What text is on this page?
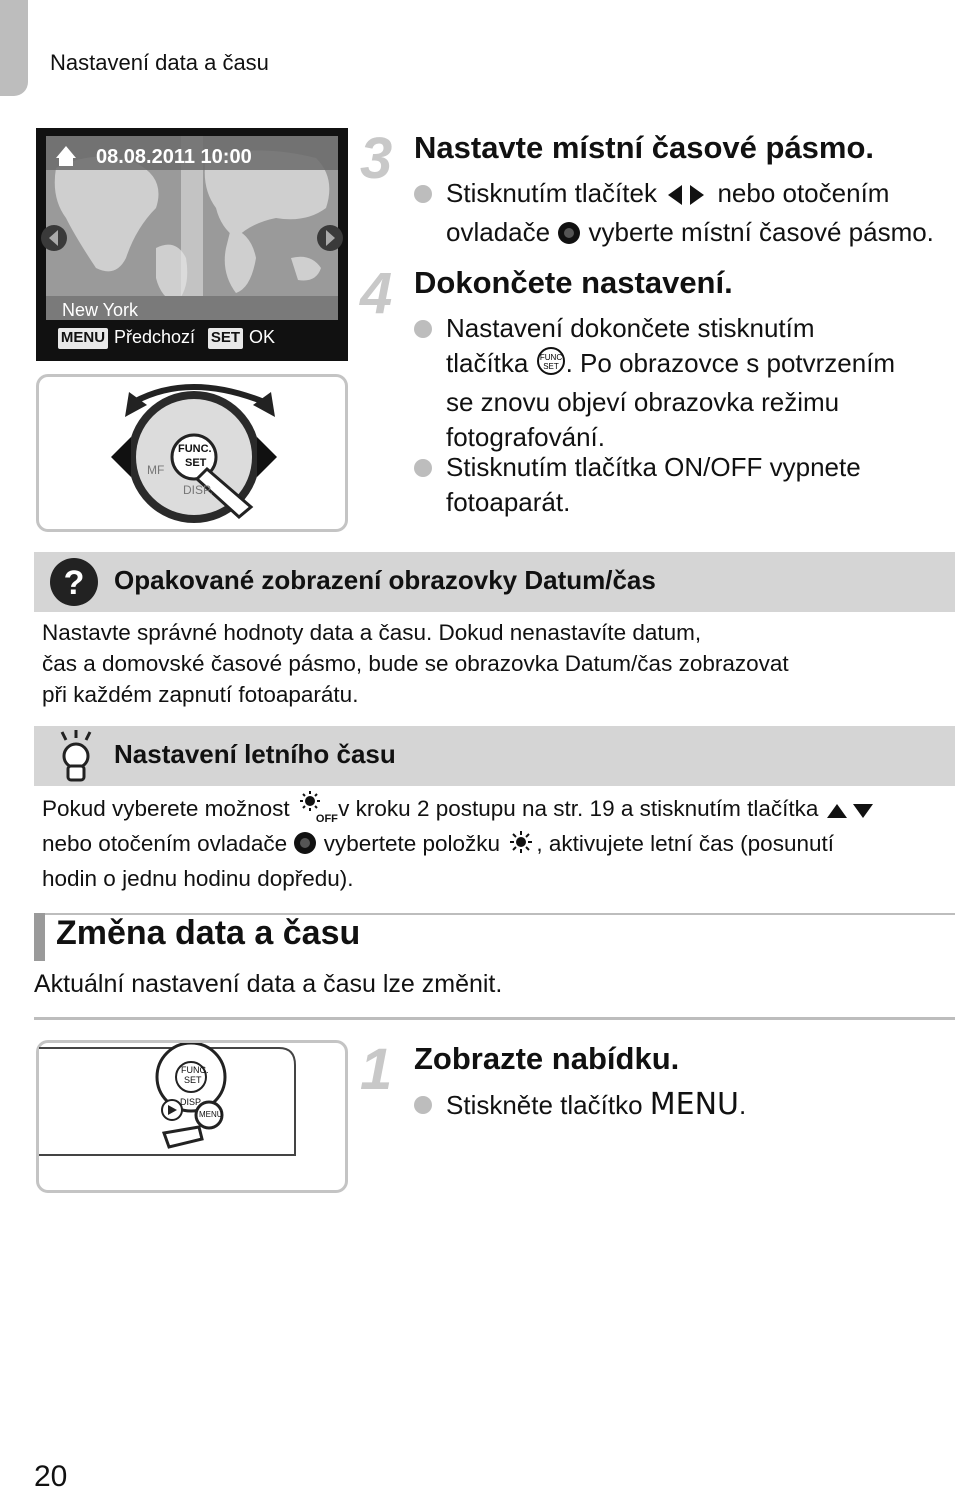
Nastavení data a času
08.08.2011 10:00
New York
MENU Předchozí SET OK
FUNC.
SET
DISP.
MF
3 Nastavte místní časové pásmo.
Stisknutím tlačítek nebo otočením
ovladače vyberte místní časové pásmo.
4 Dokončete nastavení.
Nastavení dokončete stisknutím
tlačítka FUNC
SET . Po obrazovce s potvrzením
se znovu objeví obrazovka režimu
fotografování.
Stisknutím tlačítka ON/OFF vypnete
fotoaparát.
? Opakované zobrazení obrazovky Datum/čas
Nastavte správné hodnoty data a času. Dokud nenastavíte datum,
čas a domovské časové pásmo, bude se obrazovka Datum/čas zobrazovat
při každém zapnutí fotoaparátu.
Nastavení letního času
Pokud vyberete možnost OFF v kroku 2 postupu na str. 19 a stisknutím tlačítka
nebo otočením ovladače vybertete položku , aktivujete letní čas (posunutí
hodin o jednu hodinu dopředu).
Změna data a času
Aktuální nastavení data a času lze změnit.
FUNC.
SET
DISP
MENU
1 Zobrazte nabídku.
Stiskněte tlačítko MENU.
20
